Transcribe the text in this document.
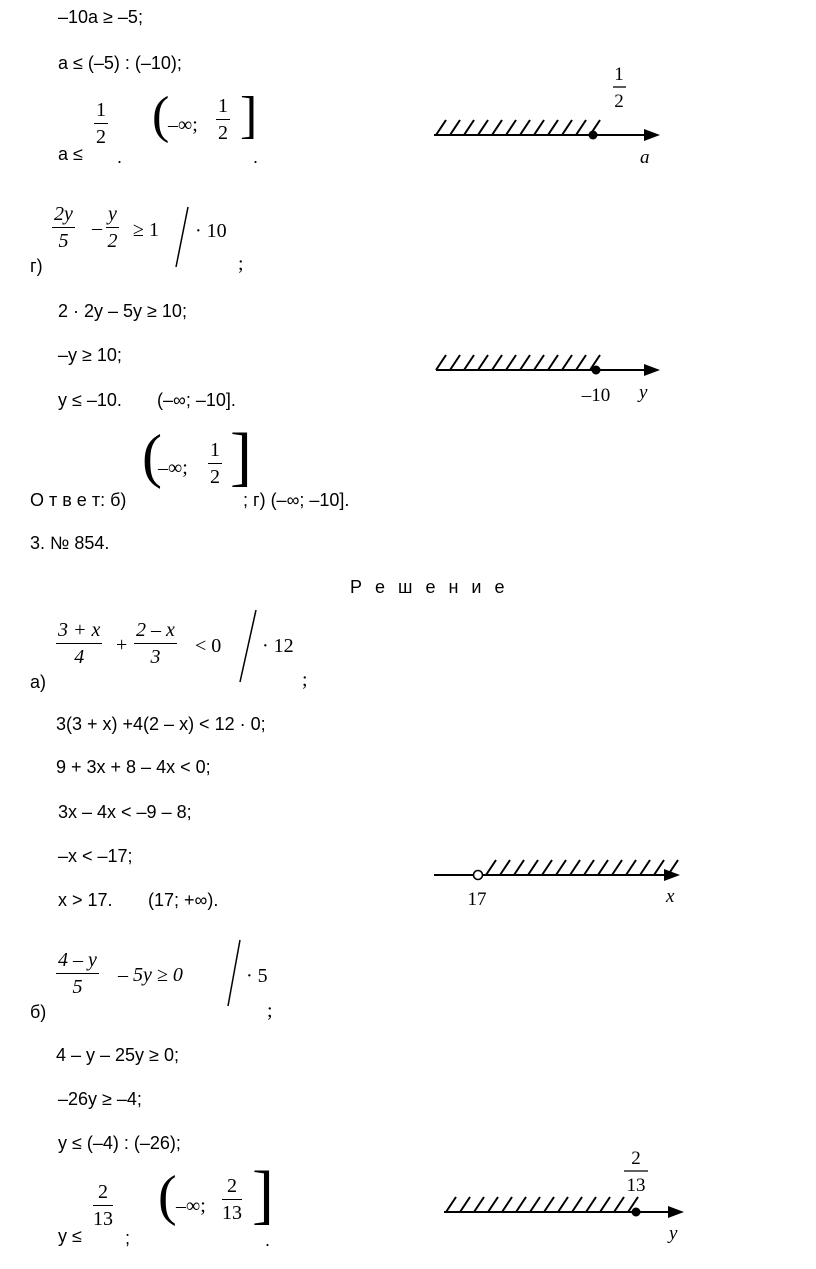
–10a ≥ –5;
a ≤ (–5) : (–10);
a ≤
$\frac{1}{2}$
.
(
–∞; $\frac{1}{2}$ ]
.
1
2
a
г)
$\frac{2y}{5} - \frac{y}{2} \ge 1 \cdot 10$
;
2 · 2y – 5y ≥ 10;
–y ≥ 10;
y ≤ –10. (–∞; –10].	–10 y
О т в е т: б)
(
–∞; $\frac{1}{2}$ ]
; г) (–∞; –10].
3. № 854.
Р е ш е н и е
а)
$\frac{3 + x}{4} + \frac{2 - x}{3} < 0 \cdot 12$
;
3(3 + x) +4(2 – x) < 12 · 0;
9 + 3x + 8 – 4x < 0;
3x – 4x < –9 – 8;
–x < –17;
x > 17. (17; +∞).	17	x
б)
$\frac{4 - y}{5} - 5y \ge 0$	· 5
;
4 – y – 25y ≥ 0;
–26y ≥ –4;
y ≤ (–4) : (–26);
y ≤
$\frac{2}{13}$
;
( –∞; $\frac{2}{13}$ ]
.
2
13
y
